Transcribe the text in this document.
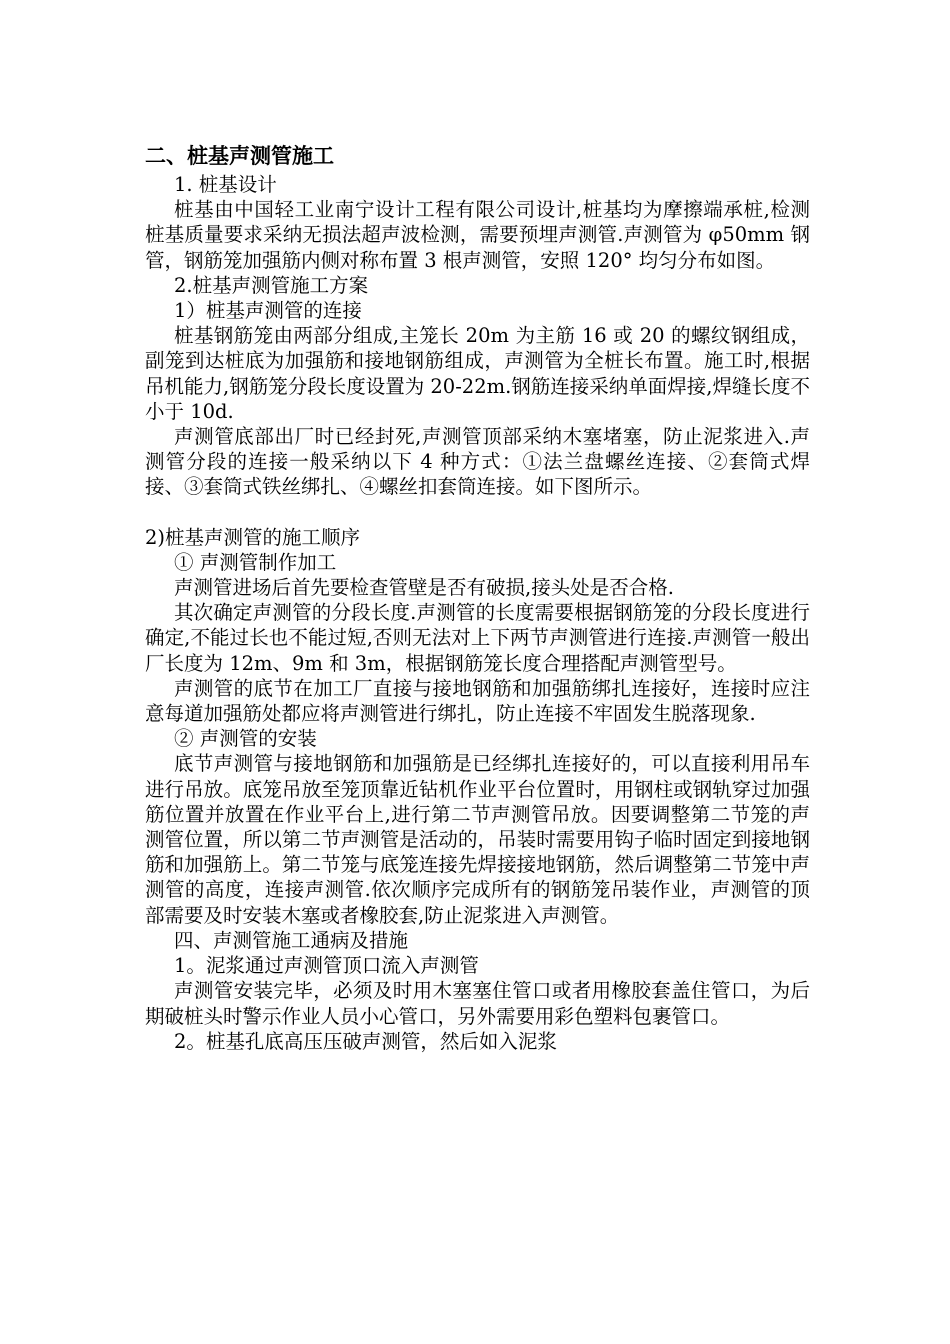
二、桩基声测管施工

1. 桩基设计

桩基由中国轻工业南宁设计工程有限公司设计,桩基均为摩擦端承桩,检测桩基质量要求采纳无损法超声波检测，需要预埋声测管.声测管为 φ50mm 钢管，钢筋笼加强筋内侧对称布置 3 根声测管，安照 120° 均匀分布如图。

2.桩基声测管施工方案

1）桩基声测管的连接

桩基钢筋笼由两部分组成,主笼长 20m 为主筋 16 或 20 的螺纹钢组成，副笼到达桩底为加强筋和接地钢筋组成，声测管为全桩长布置。施工时,根据吊机能力,钢筋笼分段长度设置为 20-22m.钢筋连接采纳单面焊接,焊缝长度不小于 10d.

声测管底部出厂时已经封死,声测管顶部采纳木塞堵塞，防止泥浆进入.声测管分段的连接一般采纳以下 4 种方式：①法兰盘螺丝连接、②套筒式焊接、③套筒式铁丝绑扎、④螺丝扣套筒连接。如下图所示。

2)桩基声测管的施工顺序

① 声测管制作加工

声测管进场后首先要检查管壁是否有破损,接头处是否合格.

其次确定声测管的分段长度.声测管的长度需要根据钢筋笼的分段长度进行确定,不能过长也不能过短,否则无法对上下两节声测管进行连接.声测管一般出厂长度为 12m、9m 和 3m，根据钢筋笼长度合理搭配声测管型号。

声测管的底节在加工厂直接与接地钢筋和加强筋绑扎连接好，连接时应注意每道加强筋处都应将声测管进行绑扎，防止连接不牢固发生脱落现象.

② 声测管的安装

底节声测管与接地钢筋和加强筋是已经绑扎连接好的，可以直接利用吊车进行吊放。底笼吊放至笼顶靠近钻机作业平台位置时，用钢柱或钢轨穿过加强筋位置并放置在作业平台上,进行第二节声测管吊放。因要调整第二节笼的声测管位置，所以第二节声测管是活动的，吊装时需要用钩子临时固定到接地钢筋和加强筋上。第二节笼与底笼连接先焊接接地钢筋，然后调整第二节笼中声测管的高度，连接声测管.依次顺序完成所有的钢筋笼吊装作业，声测管的顶部需要及时安装木塞或者橡胶套,防止泥浆进入声测管。

四、声测管施工通病及措施

1。泥浆通过声测管顶口流入声测管

声测管安装完毕，必须及时用木塞塞住管口或者用橡胶套盖住管口，为后期破桩头时警示作业人员小心管口，另外需要用彩色塑料包裹管口。

2。桩基孔底高压压破声测管，然后如入泥浆
